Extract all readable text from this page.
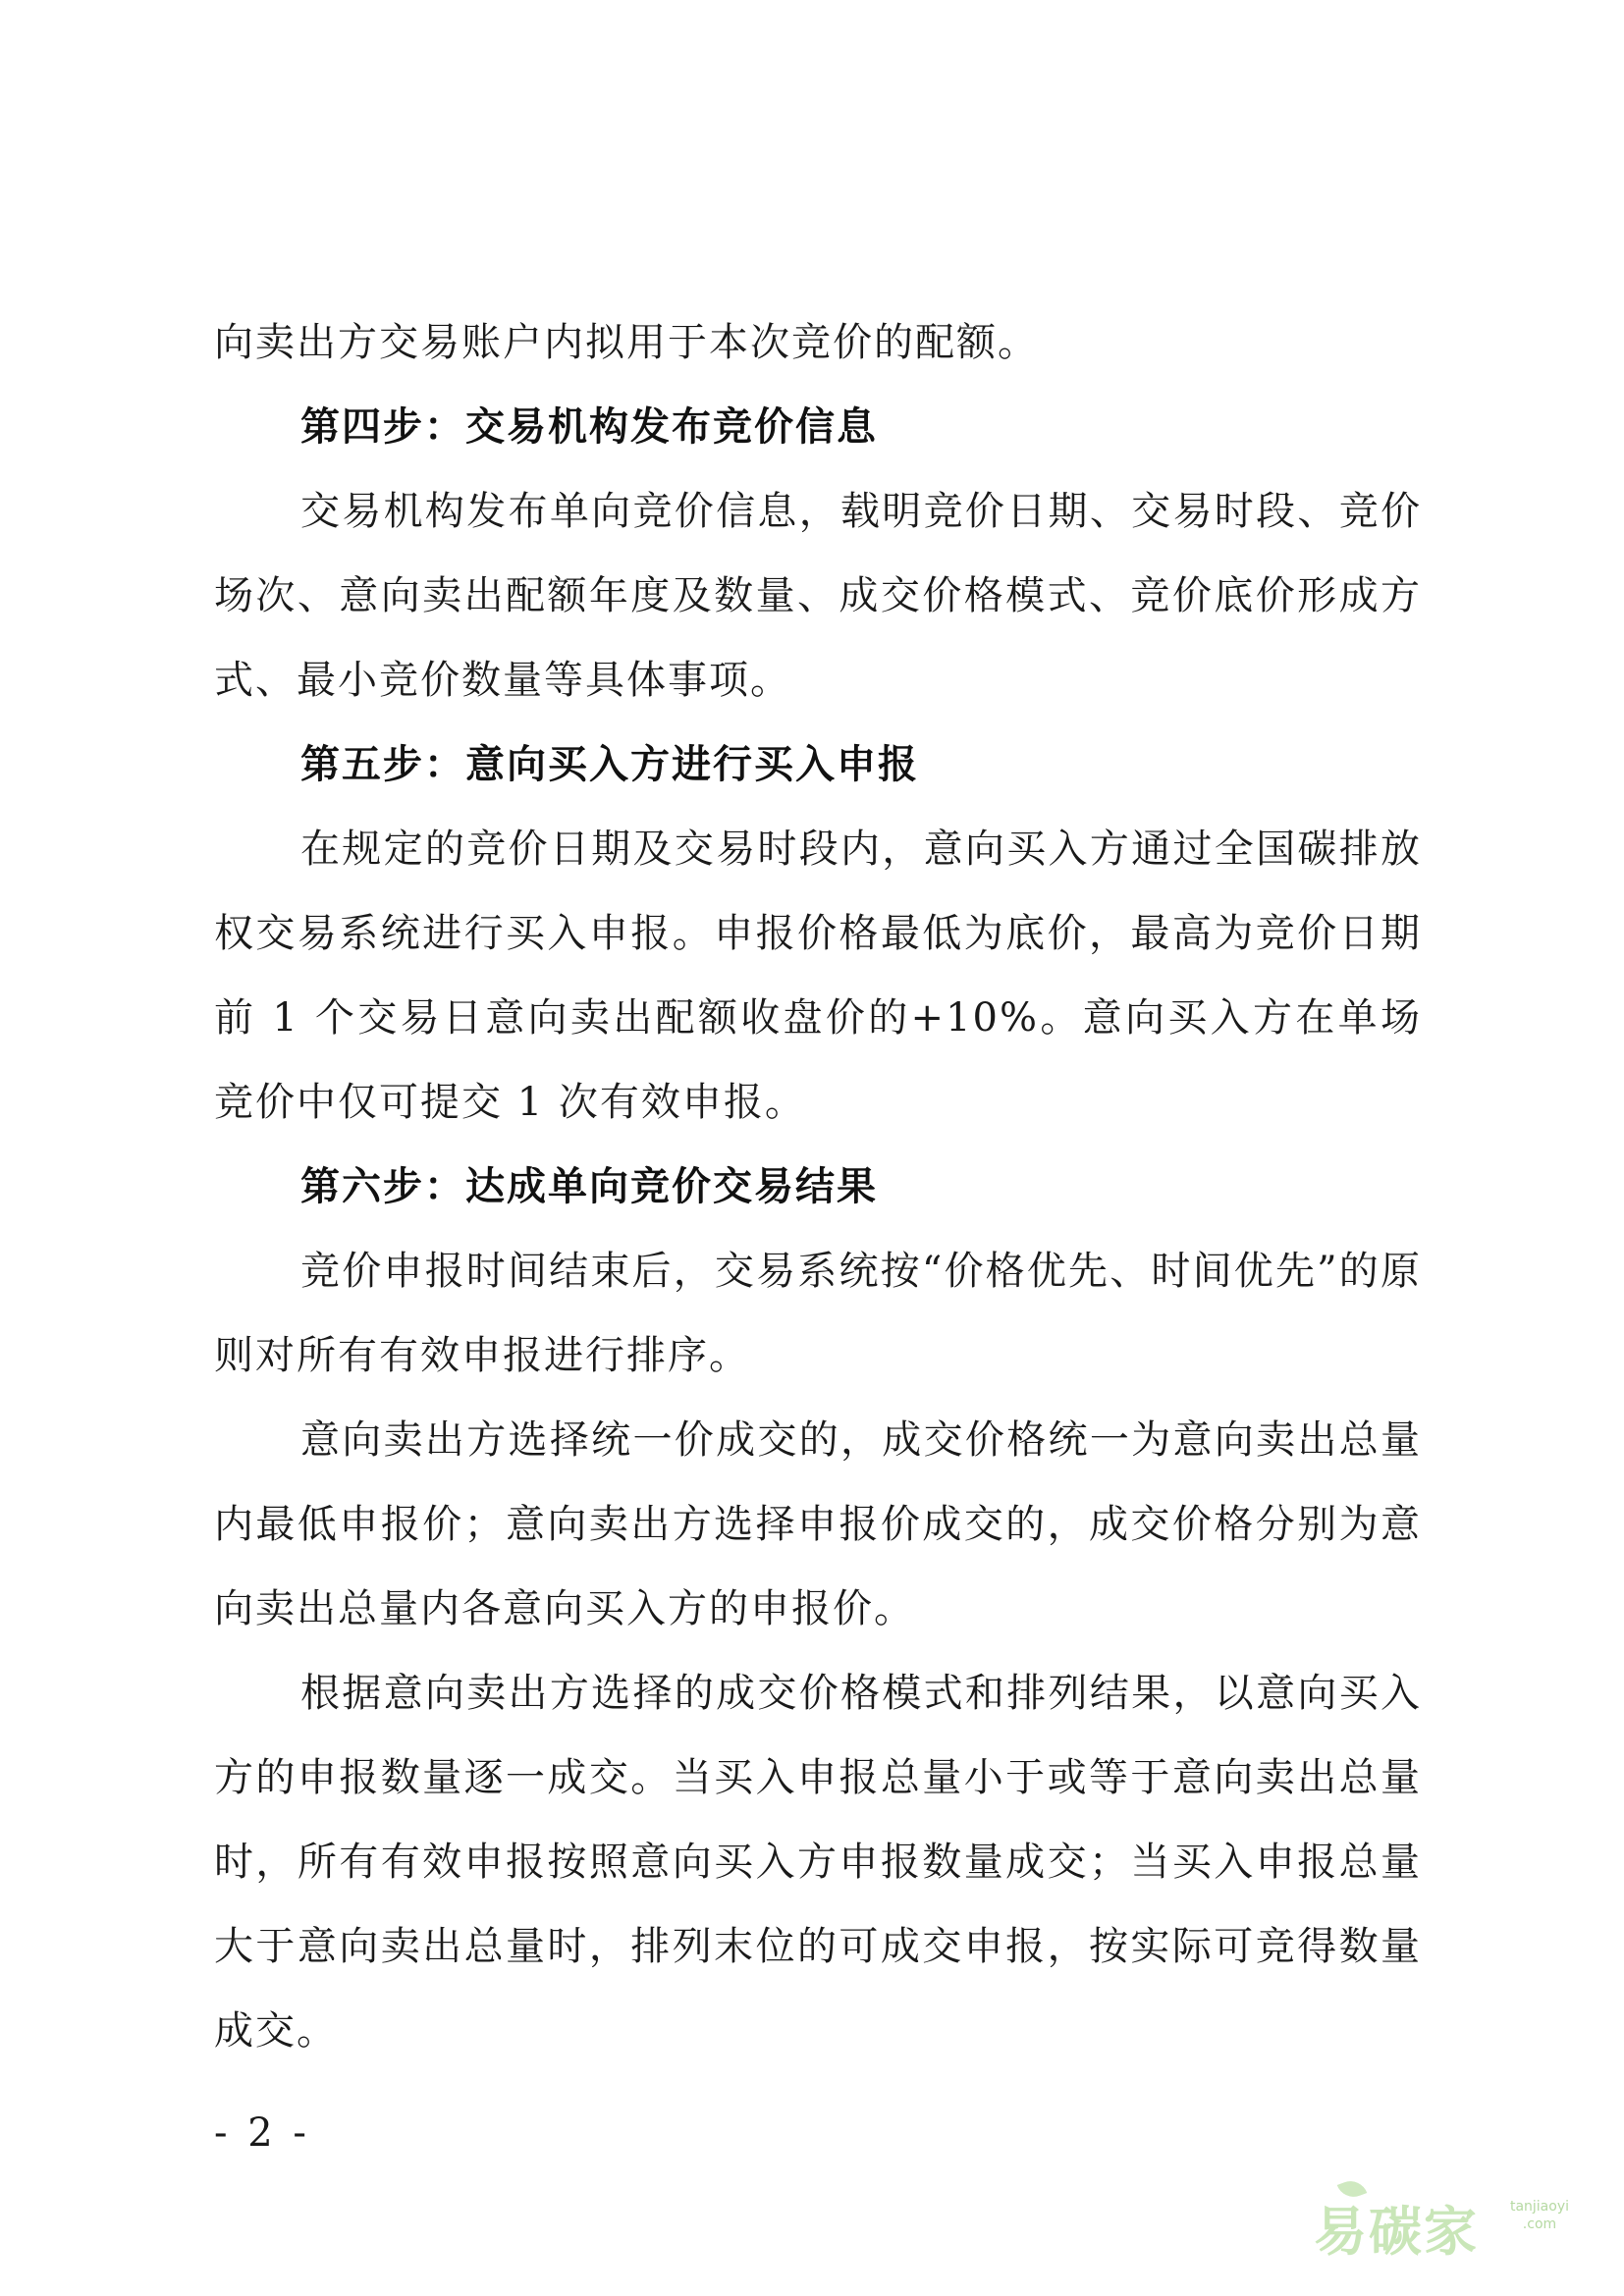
向卖出方交易账户内拟用于本次竞价的配额。

第四步：交易机构发布竞价信息

交易机构发布单向竞价信息，载明竞价日期、交易时段、竞价场次、意向卖出配额年度及数量、成交价格模式、竞价底价形成方式、最小竞价数量等具体事项。

第五步：意向买入方进行买入申报

在规定的竞价日期及交易时段内，意向买入方通过全国碳排放权交易系统进行买入申报。申报价格最低为底价，最高为竞价日期前 1 个交易日意向卖出配额收盘价的+10%。意向买入方在单场竞价中仅可提交 1 次有效申报。

第六步：达成单向竞价交易结果

竞价申报时间结束后，交易系统按“价格优先、时间优先”的原则对所有有效申报进行排序。

意向卖出方选择统一价成交的，成交价格统一为意向卖出总量内最低申报价；意向卖出方选择申报价成交的，成交价格分别为意向卖出总量内各意向买入方的申报价。

根据意向卖出方选择的成交价格模式和排列结果，以意向买入方的申报数量逐一成交。当买入申报总量小于或等于意向卖出总量时，所有有效申报按照意向买入方申报数量成交；当买入申报总量大于意向卖出总量时，排列末位的可成交申报，按实际可竞得数量成交。

- 2 -
易碳家 tanjiaoyi
.com
